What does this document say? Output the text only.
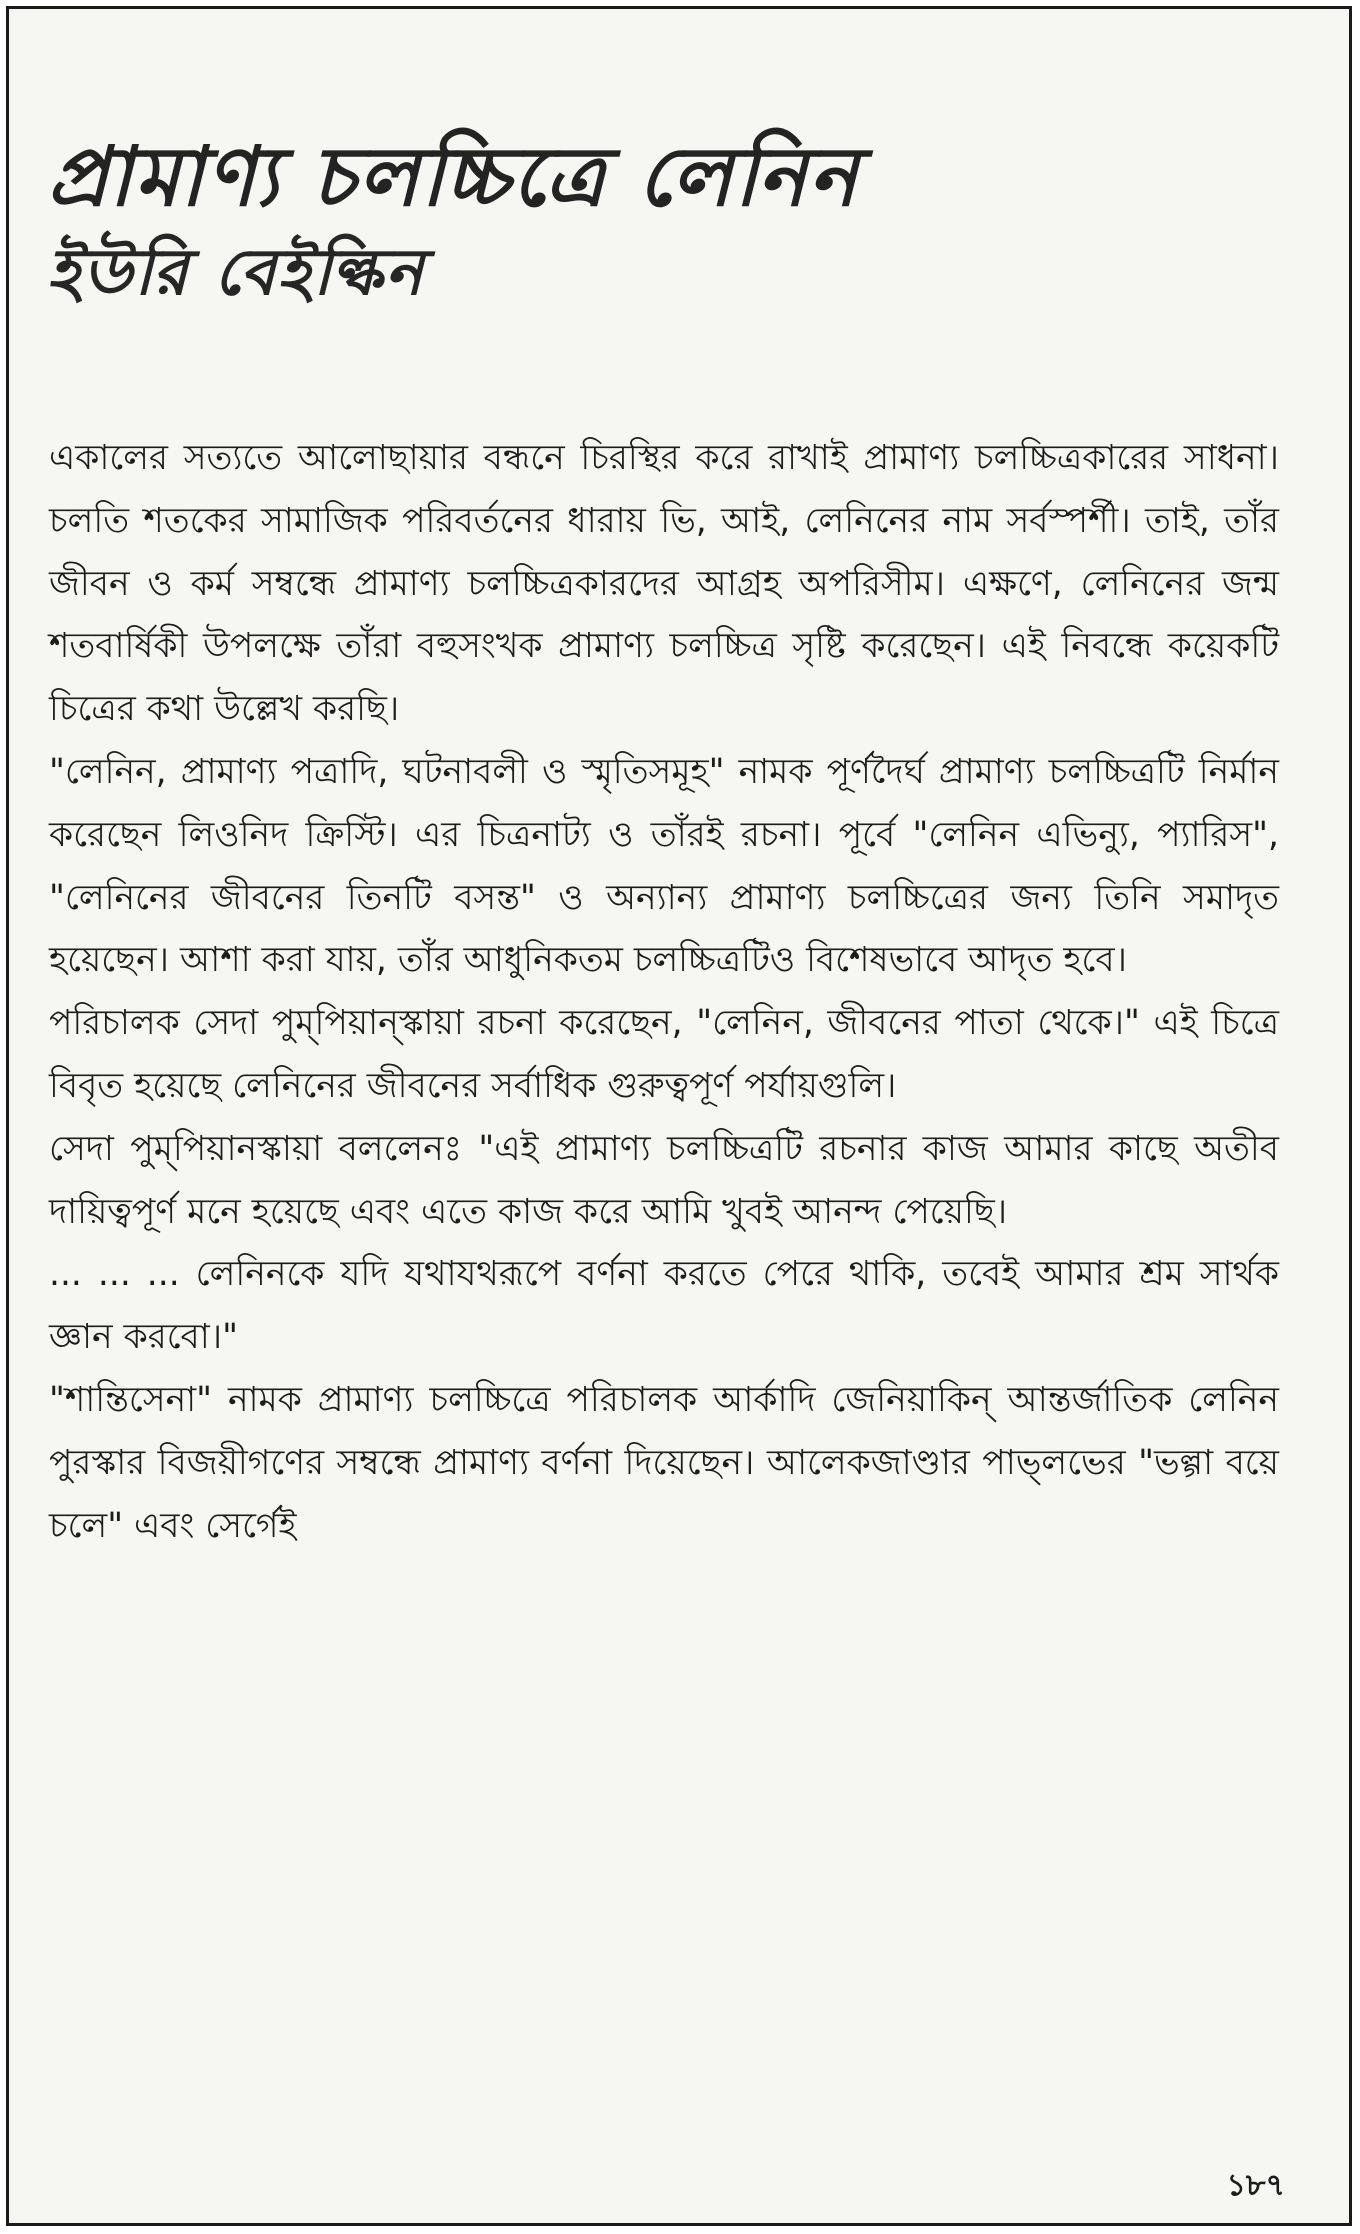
প্রামাণ্য চলচ্চিত্রে লেনিন
ইউরি বেইল্কিন

একালের সত্যতে আলোছায়ার বন্ধনে চিরস্থির করে রাখাই প্রামাণ্য চলচ্চিত্রকারের সাধনা। চলতি শতকের সামাজিক পরিবর্তনের ধারায় ভি, আই, লেনিনের নাম সর্বস্পর্শী। তাই, তাঁর জীবন ও কর্ম সম্বন্ধে প্রামাণ্য চলচ্চিত্রকারদের আগ্রহ অপরিসীম। এক্ষণে, লেনিনের জন্ম শতবার্ষিকী উপলক্ষে তাঁরা বহুসংখক প্রামাণ্য চলচ্চিত্র সৃষ্টি করেছেন। এই নিবন্ধে কয়েকটি চিত্রের কথা উল্লেখ করছি।

"লেনিন, প্রামাণ্য পত্রাদি, ঘটনাবলী ও স্মৃতিসমূহ" নামক পূর্ণদৈর্ঘ প্রামাণ্য চলচ্চিত্রটি নির্মান করেছেন লিওনিদ ক্রিস্টি। এর চিত্রনাট্য ও তাঁরই রচনা। পূর্বে "লেনিন এভিন্যু, প্যারিস", "লেনিনের জীবনের তিনটি বসন্ত" ও অন্যান্য প্রামাণ্য চলচ্চিত্রের জন্য তিনি সমাদৃত হয়েছেন। আশা করা যায়, তাঁর আধুনিকতম চলচ্চিত্রটিও বিশেষভাবে আদৃত হবে।

পরিচালক সেদা পুম্‌পিয়ান্‌স্কায়া রচনা করেছেন, "লেনিন, জীবনের পাতা থেকে।" এই চিত্রে বিবৃত হয়েছে লেনিনের জীবনের সর্বাধিক গুরুত্বপূর্ণ পর্যায়গুলি।

সেদা পুম্‌পিয়ানস্কায়া বললেনঃ "এই প্রামাণ্য চলচ্চিত্রটি রচনার কাজ আমার কাছে অতীব দায়িত্বপূর্ণ মনে হয়েছে এবং এতে কাজ করে আমি খুবই আনন্দ পেয়েছি।

... ... ... লেনিনকে যদি যথাযথরূপে বর্ণনা করতে পেরে থাকি, তবেই আমার শ্রম সার্থক জ্ঞান করবো।"

"শান্তিসেনা" নামক প্রামাণ্য চলচ্চিত্রে পরিচালক আর্কাদি জেনিয়াকিন্ আন্তর্জাতিক লেনিন পুরস্কার বিজয়ীগণের সম্বন্ধে প্রামাণ্য বর্ণনা দিয়েছেন। আলেকজাণ্ডার পাভ্‌লভের "ভল্গা বয়ে চলে" এবং সের্গেই

১৮৭
